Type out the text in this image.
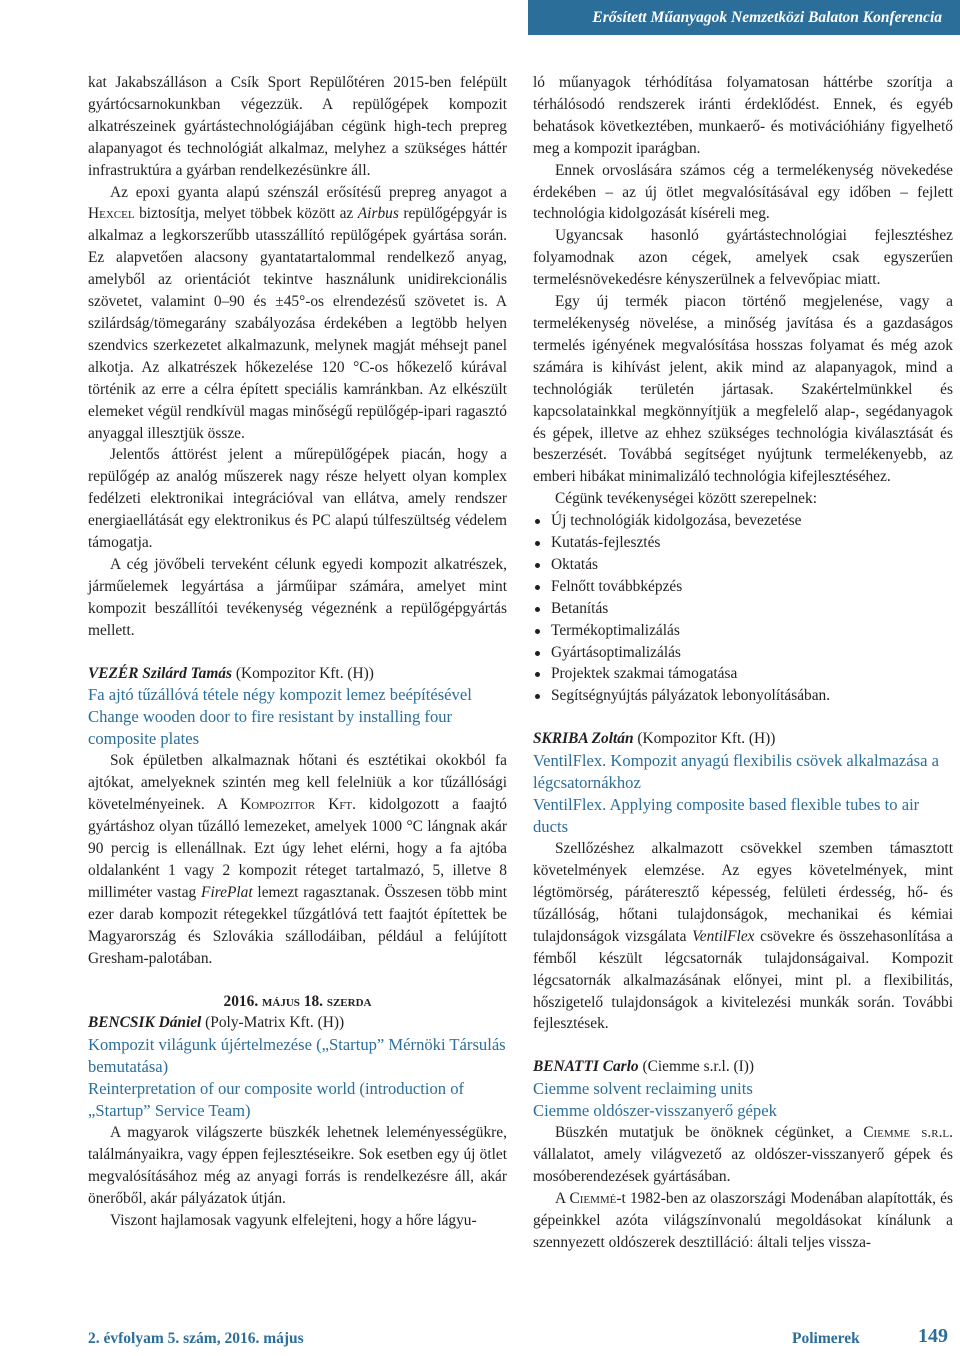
Erősített Műanyagok Nemzetközi Balaton Konferencia

kat Jakabszálláson a Csík Sport Repülőtéren 2015-ben felépült gyártócsarnokunkban végezzük. A repülőgépek kompozit alkatrészeinek gyártástechnológiájában cégünk high-tech prepreg alapanyagot és technológiát alkalmaz, melyhez a szükséges háttér infrastruktúra a gyárban rendelkezésünkre áll.

Az epoxi gyanta alapú szénszál erősítésű prepreg anyagot a Hexcel biztosítja, melyet többek között az Airbus repülőgépgyár is alkalmaz a legkorszerűbb utasszállító repülőgépek gyártása során. Ez alapvetően alacsony gyantatartalommal rendelkező anyag, amelyből az orientációt tekintve használunk unidirekcionális szövetet, valamint 0–90 és ±45°-os elrendezésű szövetet is. A szilárdság/tömegarány szabályozása érdekében a legtöbb helyen szendvics szerkezetet alkalmazunk, melynek magját méhsejt panel alkotja. Az alkatrészek hőkezelése 120 °C-os hőkezelő kúrával történik az erre a célra épített speciális kamránkban. Az elkészült elemeket végül rendkívül magas minőségű repülőgép-ipari ragasztó anyaggal illesztjük össze.

Jelentős áttörést jelent a műrepülőgépek piacán, hogy a repülőgép az analóg műszerek nagy része helyett olyan komplex fedélzeti elektronikai integrációval van ellátva, amely rendszer energiaellátását egy elektronikus és PC alapú túlfeszültség védelem támogatja.

A cég jövőbeli terveként célunk egyedi kompozit alkatrészek, járműelemek legyártása a járműipar számára, amelyet mint kompozit beszállítói tevékenység végeznénk a repülőgépgyártás mellett.

VEZÉR Szilárd Tamás (Kompozitor Kft. (H))

Fa ajtó tűzállóvá tétele négy kompozit lemez beépítésével

Change wooden door to fire resistant by installing four composite plates

Sok épületben alkalmaznak hőtani és esztétikai okokból fa ajtókat, amelyeknek szintén meg kell felelniük a kor tűzállósági követelményeinek. A Kompozitor Kft. kidolgozott a faajtó gyártáshoz olyan tűzálló lemezeket, amelyek 1000 °C lángnak akár 90 percig is ellenállnak. Ezt úgy lehet elérni, hogy a fa ajtóba oldalanként 1 vagy 2 kompozit réteget tartalmazó, 5, illetve 8 milliméter vastag FirePlat lemezt ragasztanak. Összesen több mint ezer darab kompozit rétegekkel tűzgátlóvá tett faajtót építettek be Magyarország és Szlovákia szállodáiban, például a felújított Gresham-palotában.

2016. május 18. szerda

BENCSIK Dániel (Poly-Matrix Kft. (H))

Kompozit világunk újértelmezése („Startup” Mérnöki Társulás bemutatása)

Reinterpretation of our composite world (introduction of „Startup” Service Team)

A magyarok világszerte büszkék lehetnek leleményességükre, találmányaikra, vagy éppen fejlesztéseikre. Sok esetben egy új ötlet megvalósításához még az anyagi forrás is rendelkezésre áll, akár önerőből, akár pályázatok útján.

Viszont hajlamosak vagyunk elfelejteni, hogy a hőre lágyu-

ló műanyagok térhódítása folyamatosan háttérbe szorítja a térhálósodó rendszerek iránti érdeklődést. Ennek, és egyéb behatások következtében, munkaerő- és motivációhiány figyelhető meg a kompozit iparágban.

Ennek orvoslására számos cég a termelékenység növekedése érdekében – az új ötlet megvalósításával egy időben – fejlett technológia kidolgozását kíséreli meg.

Ugyancsak hasonló gyártástechnológiai fejlesztéshez folyamodnak azon cégek, amelyek csak egyszerűen termelésnövekedésre kényszerülnek a felvevőpiac miatt.

Egy új termék piacon történő megjelenése, vagy a termelékenység növelése, a minőség javítása és a gazdaságos termelés igényének megvalósítása hosszas folyamat és még azok számára is kihívást jelent, akik mind az alapanyagok, mind a technológiák területén jártasak. Szakértelmünkkel és kapcsolatainkkal megkönnyítjük a megfelelő alap-, segédanyagok és gépek, illetve az ehhez szükséges technológia kiválasztását és beszerzését. Továbbá segítséget nyújtunk termelékenyebb, az emberi hibákat minimalizáló technológia kifejlesztéséhez.

Cégünk tevékenységei között szerepelnek:

Új technológiák kidolgozása, bevezetése
Kutatás-fejlesztés
Oktatás
Felnőtt továbbképzés
Betanítás
Termékoptimalizálás
Gyártásoptimalizálás
Projektek szakmai támogatása
Segítségnyújtás pályázatok lebonyolításában.

SKRIBA Zoltán (Kompozitor Kft. (H))

VentilFlex. Kompozit anyagú flexibilis csövek alkalmazása a légcsatornákhoz

VentilFlex. Applying composite based flexible tubes to air ducts

Szellőzéshez alkalmazott csövekkel szemben támasztott követelmények elemzése. Az egyes követelmények, mint légtömörség, páráteresztő képesség, felületi érdesség, hő- és tűzállóság, hőtani tulajdonságok, mechanikai és kémiai tulajdonságok vizsgálata VentilFlex csövekre és összehasonlítása a fémből készült légcsatornák tulajdonságaival. Kompozit légcsatornák alkalmazásának előnyei, mint pl. a flexibilitás, hőszigetelő tulajdonságok a kivitelezési munkák során. További fejlesztések.

BENATTI Carlo (Ciemme s.r.l. (I))

Ciemme solvent reclaiming units

Ciemme oldószer-visszanyerő gépek

Büszkén mutatjuk be önöknek cégünket, a Ciemme s.r.l. vállalatot, amely világvezető az oldószer-visszanyerő gépek és mosóberendezések gyártásában.

A Ciemmé-t 1982-ben az olaszországi Modenában alapították, és gépeinkkel azóta világszínvonalú megoldásokat kínálunk a szennyezett oldószerek desztillációː általi teljes vissza-

2. évfolyam 5. szám, 2016. május	Polimerek	149
